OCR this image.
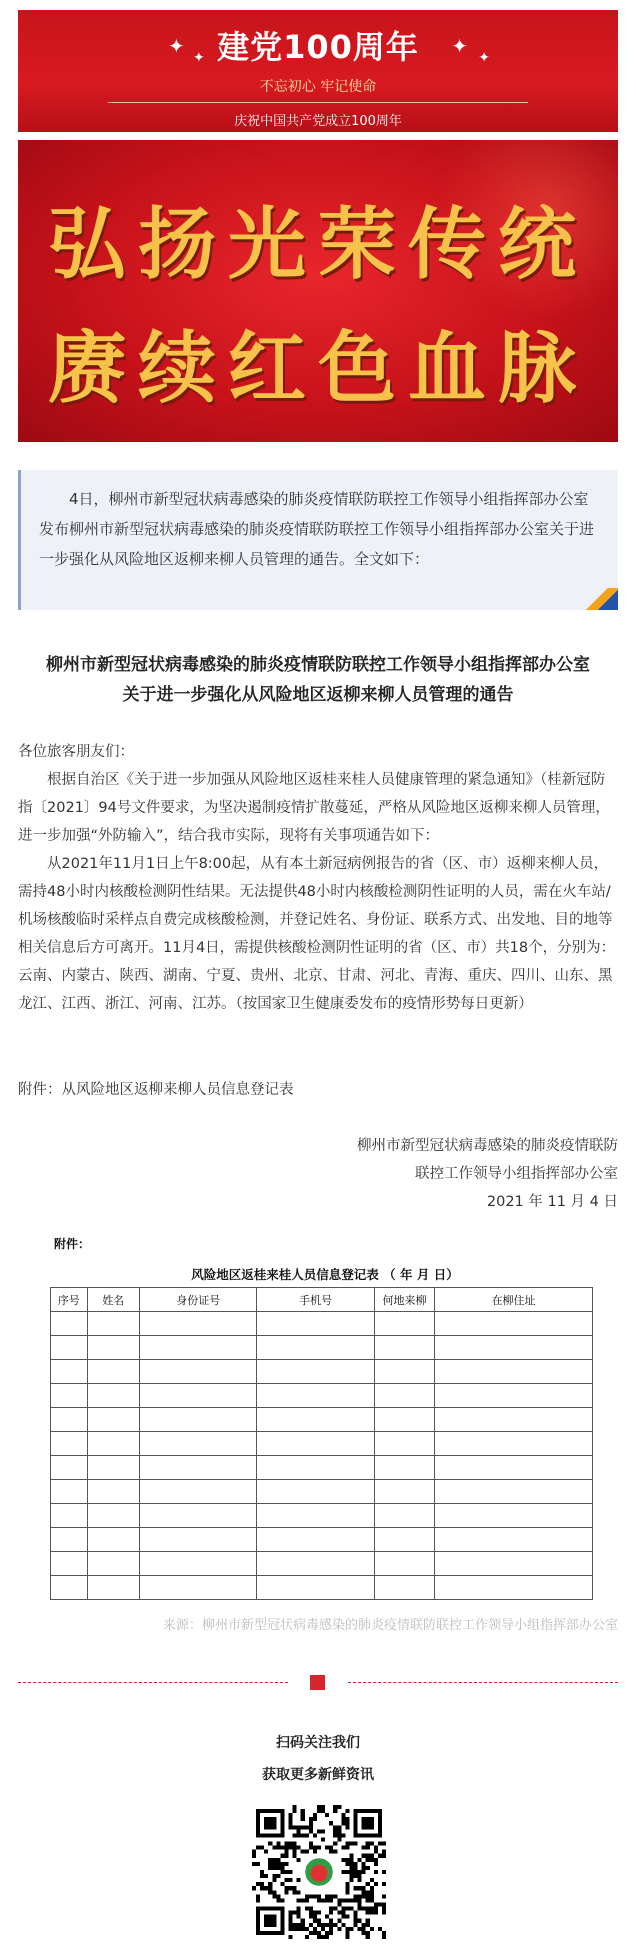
✦ ✦	✦ ✦
建党100周年
不忘初心 牢记使命
庆祝中国共产党成立100周年
弘扬光荣传统
赓续红色血脉

4日，柳州市新型冠状病毒感染的肺炎疫情联防联控工作领导小组指挥部办公室发布柳州市新型冠状病毒感染的肺炎疫情联防联控工作领导小组指挥部办公室关于进一步强化从风险地区返柳来柳人员管理的通告。全文如下：

柳州市新型冠状病毒感染的肺炎疫情联防联控工作领导小组指挥部办公室
关于进一步强化从风险地区返柳来柳人员管理的通告
各位旅客朋友们：

根据自治区《关于进一步加强从风险地区返桂来桂人员健康管理的紧急通知》（桂新冠防指〔2021〕94号文件要求，为坚决遏制疫情扩散蔓延，严格从风险地区返柳来柳人员管理，进一步加强“外防输入”，结合我市实际，现将有关事项通告如下：

从2021年11月1日上午8:00起，从有本土新冠病例报告的省（区、市）返柳来柳人员，需持48小时内核酸检测阴性结果。无法提供48小时内核酸检测阴性证明的人员，需在火车站/机场核酸临时采样点自费完成核酸检测，并登记姓名、身份证、联系方式、出发地、目的地等相关信息后方可离开。11月4日，需提供核酸检测阴性证明的省（区、市）共18个，分别为：云南、内蒙古、陕西、湖南、宁夏、贵州、北京、甘肃、河北、青海、重庆、四川、山东、黑龙江、江西、浙江、河南、江苏。（按国家卫生健康委发布的疫情形势每日更新）

附件：从风险地区返柳来柳人员信息登记表
柳州市新型冠状病毒感染的肺炎疫情联防
联控工作领导小组指挥部办公室
2021 年 11 月 4 日
附件：
风险地区返桂来桂人员信息登记表 （ 年 月 日）
序号	姓名	身份证号	手机号	何地来柳	在柳住址

来源：柳州市新型冠状病毒感染的肺炎疫情联防联控工作领导小组指挥部办公室
扫码关注我们
获取更多新鲜资讯
